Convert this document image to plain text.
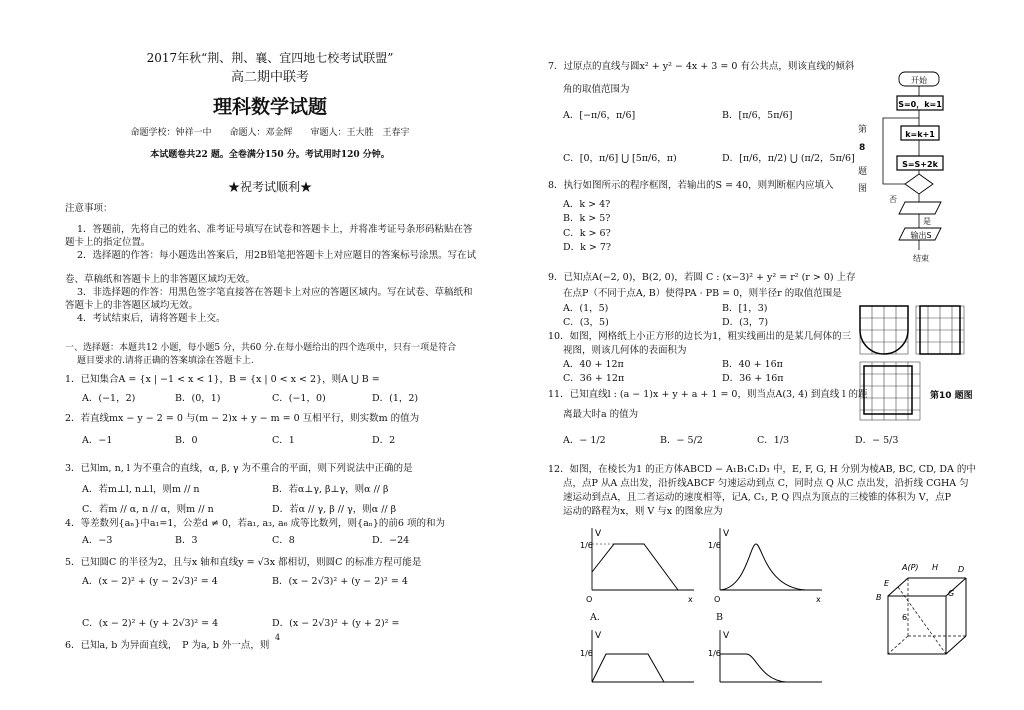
2017年秋“荆、荆、襄、宜四地七校考试联盟”
高二期中联考
理科数学试题
命题学校：钟祥一中　　命题人：邓金辉　　审题人：王大胜　王春宇
本试题卷共22 题。全卷满分150 分。考试用时120 分钟。
★祝考试顺利★
注意事项：
1．答题前，先将自己的姓名、准考证号填写在试卷和答题卡上，并将准考证号条形码粘贴在答
题卡上的指定位置。
2．选择题的作答：每小题选出答案后，用2B铅笔把答题卡上对应题目的答案标号涂黑。写在试
卷、草稿纸和答题卡上的非答题区域均无效。
3．非选择题的作答：用黑色签字笔直接答在答题卡上对应的答题区域内。写在试卷、草稿纸和
答题卡上的非答题区域均无效。
4．考试结束后，请将答题卡上交。
一、选择题：本题共12 小题，每小题5 分，共60 分.在每小题给出的四个选项中，只有一项是符合
题目要求的.请将正确的答案填涂在答题卡上.
1．已知集合A = {x | −1 < x < 1}，B = {x | 0 < x < 2}，则A ⋃ B =
A．(−1，2)	B．(0，1)	C．(−1，0)	D．(1，2)
2．若直线mx − y − 2 = 0 与(m − 2)x + y − m = 0 互相平行，则实数m 的值为
A．−1	B．0	C．1	D．2
3．已知m, n, l 为不重合的直线，α, β, γ 为不重合的平面，则下列说法中正确的是
A．若m⊥l, n⊥l，则m // n	B．若α⊥γ, β⊥γ，则α // β
C．若m // α, n // α，则m // n	D．若α // γ, β // γ，则α // β
4．等差数列{aₙ}中a₁=1，公差d ≠ 0，若a₁, a₃, a₆ 成等比数列，则{aₙ}的前6 项的和为
A．−3	B．3	C．8	D．−24
5．已知圆C 的半径为2，且与x 轴和直线y = √3x 都相切，则圆C 的标准方程可能是
A．(x − 2)² + (y − 2√3)² = 4	B．(x − 2√3)² + (y − 2)² = 4
C．(x − 2)² + (y + 2√3)² = 4	D．(x − 2√3)² + (y + 2)² =
6．已知a, b 为异面直线，　P 为a, b 外一点，则
4
7．过原点的直线与圆x² + y² − 4x + 3 = 0 有公共点，则该直线的倾斜
角的取值范围为
A．[−π/6，π/6]	B．[π/6，5π/6]
C．[0，π/6] ⋃ [5π/6，π)	D．[π/6，π/2) ⋃ (π/2，5π/6]
8．执行如图所示的程序框图，若输出的S = 40，则判断框内应填入
A．k > 4?
B．k > 5?
C．k > 6?
D．k > 7?
第
8
题
图
开始
S=0，k=1
k=k+1
S=S+2k
否
是
输出S
结束
9．已知点A(−2, 0)，B(2, 0)，若圆 C : (x−3)² + y² = r² (r > 0) 上存
在点P（不同于点A, B）使得PA · PB = 0，则半径r 的取值范围是
A．(1，5)	B．[1，3)
C．(3，5)	D．(3，7)
10．如图，网格纸上小正方形的边长为1，粗实线画出的是某几何体的三
视图，则该几何体的表面积为
A．40 + 12π	B．40 + 16π
C．36 + 12π	D．36 + 16π
第10 题图
11．已知直线l : (a − 1)x + y + a + 1 = 0，则当点A(3, 4) 到直线 l 的距
离最大时a 的值为
A．− 1/2	B．− 5/2	C．1/3	D．− 5/3
12．如图，在棱长为1 的正方体ABCD − A₁B₁C₁D₁ 中，E, F, G, H 分别为棱AB, BC, CD, DA 的中
点，点P 从A 点出发，沿折线ABCF 匀速运动到点 C，同时点 Q 从C 点出发，沿折线 CGHA 匀
速运动到点A，且二者运动的速度相等，记A, C₁, P, Q 四点为顶点的三棱锥的体积为 V，点P
运动的路程为x，则 V 与x 的图象应为
V
1/6
O	x
A．
V
1/6
O	x
B
V
1/6
V
1/6
A(P) H D
E
G
B
6
